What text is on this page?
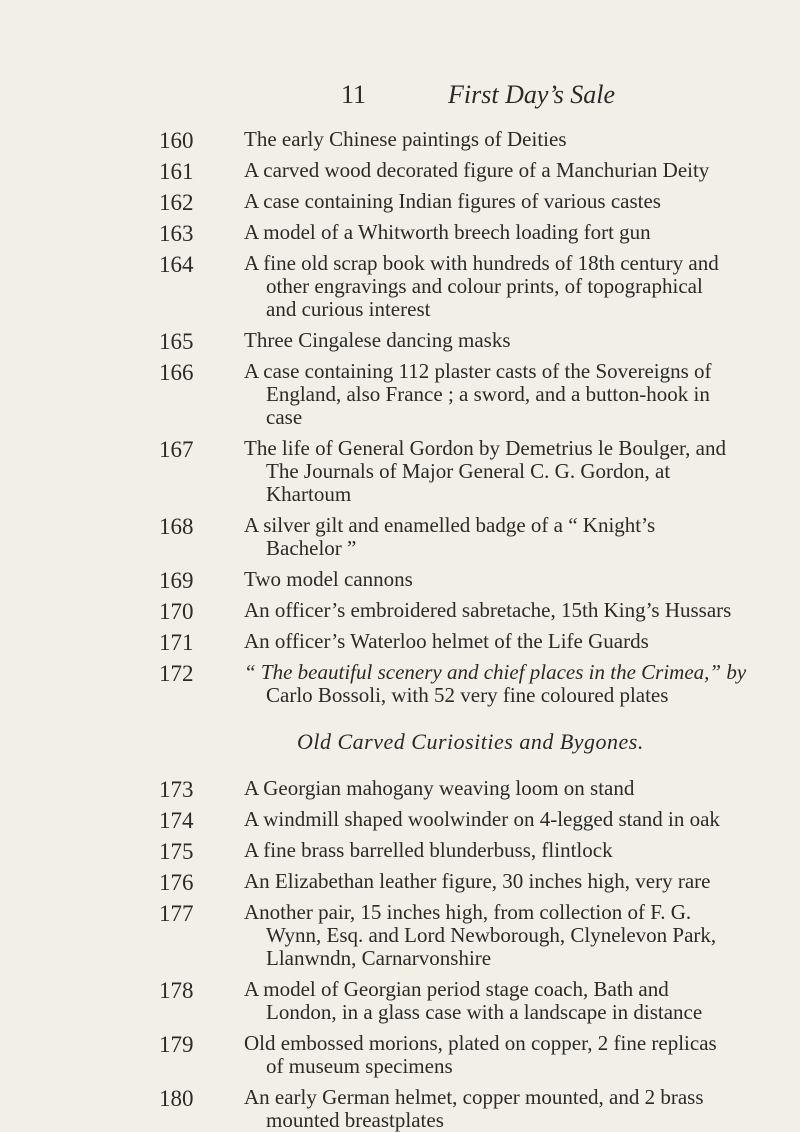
11	First Day’s Sale
160	The early Chinese paintings of Deities
161	A carved wood decorated figure of a Manchurian Deity
162	A case containing Indian figures of various castes
163	A model of a Whitworth breech loading fort gun
164	A fine old scrap book with hundreds of 18th century and
other engravings and colour prints, of topographical
and curious interest
165	Three Cingalese dancing masks
166	A case containing 112 plaster casts of the Sovereigns of
England, also France ; a sword, and a button-hook in
case
167	The life of General Gordon by Demetrius le Boulger, and
The Journals of Major General C. G. Gordon, at
Khartoum
168	A silver gilt and enamelled badge of a “ Knight’s
Bachelor ”
169	Two model cannons
170	An officer’s embroidered sabretache, 15th King’s Hussars
171	An officer’s Waterloo helmet of the Life Guards
172	“ The beautiful scenery and chief places in the Crimea,” by
Carlo Bossoli, with 52 very fine coloured plates
Old Carved Curiosities and Bygones.
173	A Georgian mahogany weaving loom on stand
174	A windmill shaped woolwinder on 4-legged stand in oak
175	A fine brass barrelled blunderbuss, flintlock
176	An Elizabethan leather figure, 30 inches high, very rare
177	Another pair, 15 inches high, from collection of F. G.
Wynn, Esq. and Lord Newborough, Clynelevon Park,
Llanwndn, Carnarvonshire
178	A model of Georgian period stage coach, Bath and
London, in a glass case with a landscape in distance
179	Old embossed morions, plated on copper, 2 fine replicas
of museum specimens
180	An early German helmet, copper mounted, and 2 brass
mounted breastplates
